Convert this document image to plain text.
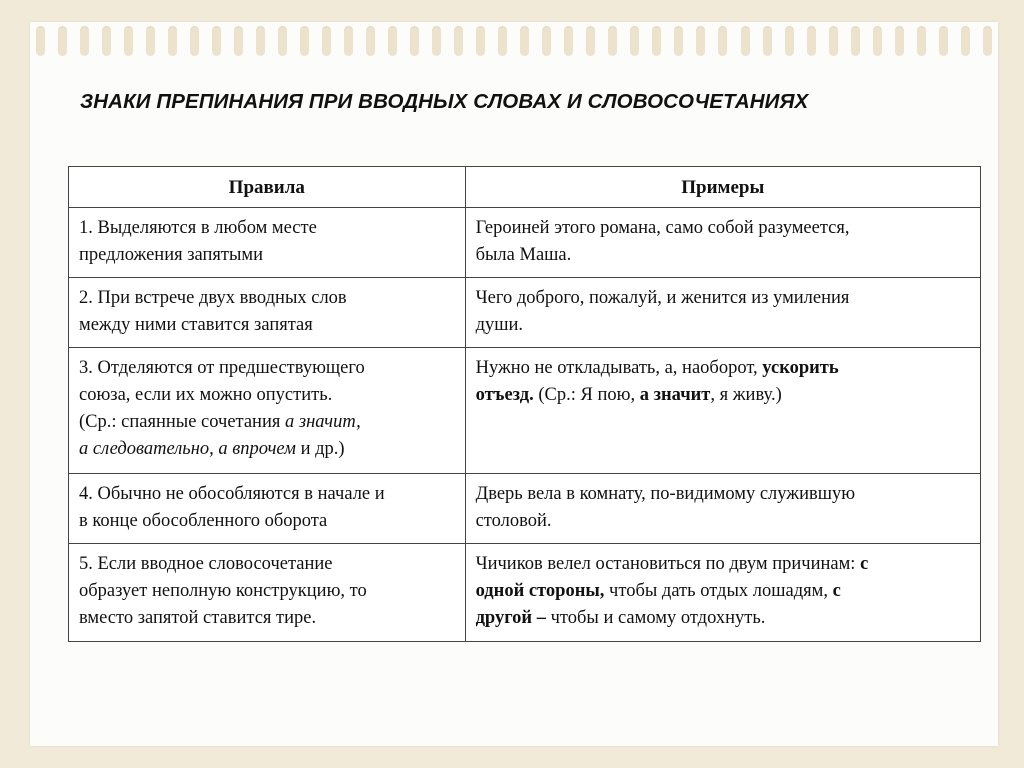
ЗНАКИ ПРЕПИНАНИЯ ПРИ ВВОДНЫХ СЛОВАХ И СЛОВОСОЧЕТАНИЯХ
Правила	Примеры

1. Выделяются в любом месте
предложения запятыми	Героиней этого романа, само собой разумеется,
была Маша.

2. При встрече двух вводных слов
между ними ставится запятая	Чего доброго, пожалуй, и женится из умиления
души.

3. Отделяются от предшествующего
союза, если их можно опустить.
(Ср.: спаянные сочетания а значит,
а следовательно, а впрочем и др.)	Нужно не откладывать, а, наоборот, ускорить
отъезд. (Ср.: Я пою, а значит, я живу.)

4. Обычно не обособляются в начале и
в конце обособленного оборота	Дверь вела в комнату, по-видимому служившую
столовой.

5. Если вводное словосочетание
образует неполную конструкцию, то
вместо запятой ставится тире.	Чичиков велел остановиться по двум причинам: с
одной стороны, чтобы дать отдых лошадям, с
другой – чтобы и самому отдохнуть.
